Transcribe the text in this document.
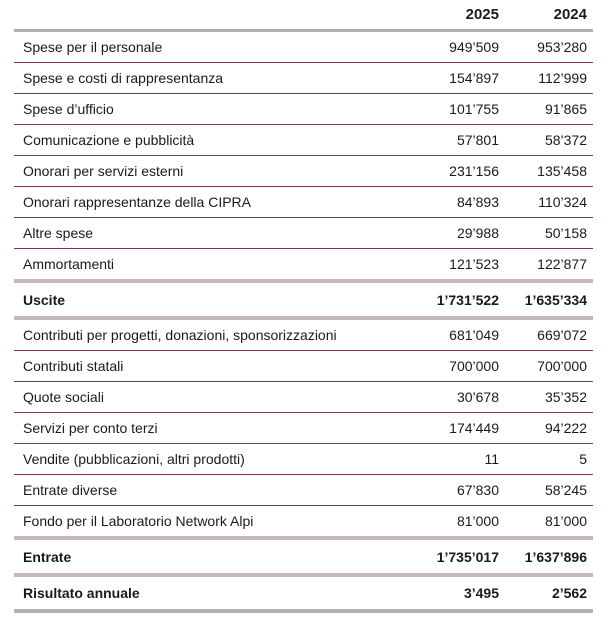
2025	2024
Spese per il personale	949’509	953’280
Spese e costi di rappresentanza	154’897	112’999
Spese d’ufficio	101’755	91’865
Comunicazione e pubblicità	57’801	58’372
Onorari per servizi esterni	231’156	135’458
Onorari rappresentanze della CIPRA	84’893	110’324
Altre spese	29’988	50’158
Ammortamenti	121’523	122’877
Uscite	1’731’522 1’635’334
Contributi per progetti, donazioni, sponsorizzazioni	681’049	669’072
Contributi statali	700’000	700’000
Quote sociali	30’678	35’352
Servizi per conto terzi	174’449	94’222
Vendite (pubblicazioni, altri prodotti)	11	5
Entrate diverse	67’830	58’245
Fondo per il Laboratorio Network Alpi	81’000	81’000
Entrate	1’735’017 1’637’896
Risultato annuale	3’495	2’562
